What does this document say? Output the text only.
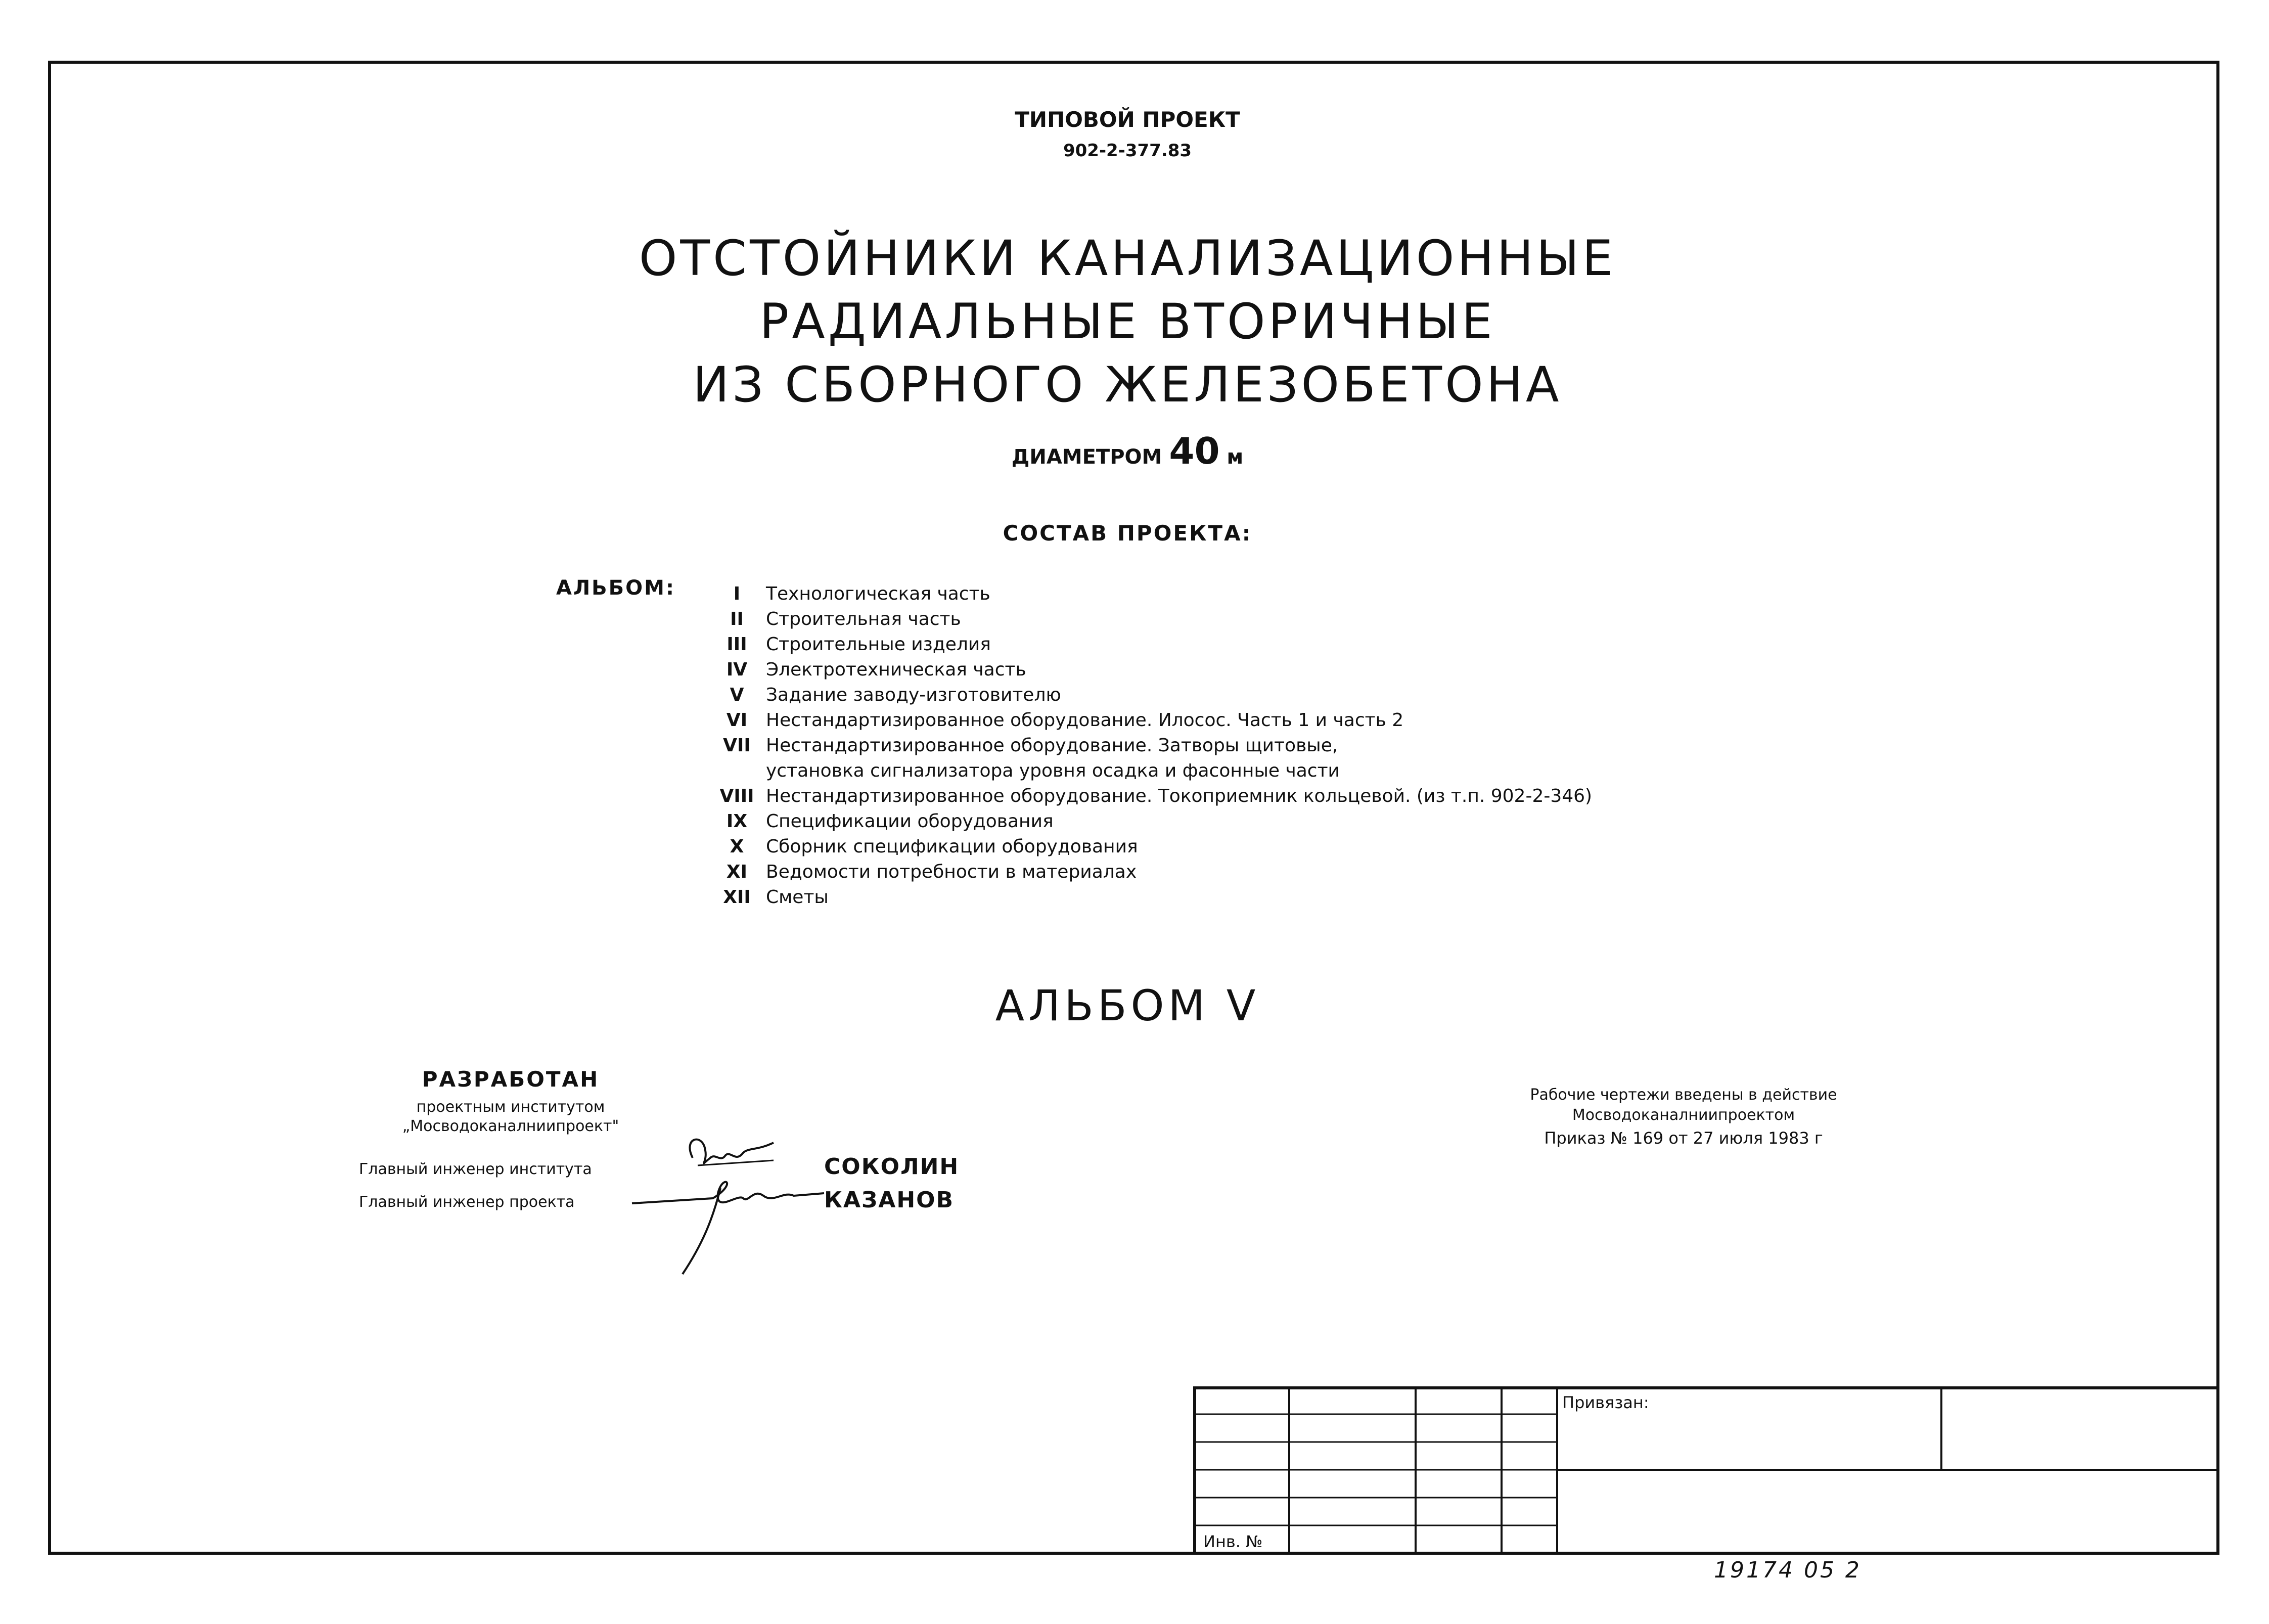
ТИПОВОЙ ПРОЕКТ
902-2-377.83
ОТСТОЙНИКИ КАНАЛИЗАЦИОННЫЕ
РАДИАЛЬНЫЕ ВТОРИЧНЫЕ
ИЗ СБОРНОГО ЖЕЛЕЗОБЕТОНА
ДИАМЕТРОМ 40 м
СОСТАВ ПРОЕКТА:
АЛЬБОМ:	I Технологическая часть
II Строительная часть
III Строительные изделия
IV Электротехническая часть
V Задание заводу-изготовителю
VI Нестандартизированное оборудование. Илосос. Часть 1 и часть 2
VII Нестандартизированное оборудование. Затворы щитовые,
установка сигнализатора уровня осадка и фасонные части
VIII Нестандартизированное оборудование. Токоприемник кольцевой. (из т.п. 902-2-346)
IX Спецификации оборудования
X Сборник спецификации оборудования
XI Ведомости потребности в материалах
XII Сметы
АЛЬБОМ V
РАЗРАБОТАН
проектным институтом
„Мосводоканалниипроект"
Главный инженер института
Главный инженер проекта
СОКОЛИН
КАЗАНОВ
Рабочие чертежи введены в действие
Мосводоканалниипроектом
Приказ № 169 от 27 июля 1983 г
Привязан:
Инв. №
19174 05 2
